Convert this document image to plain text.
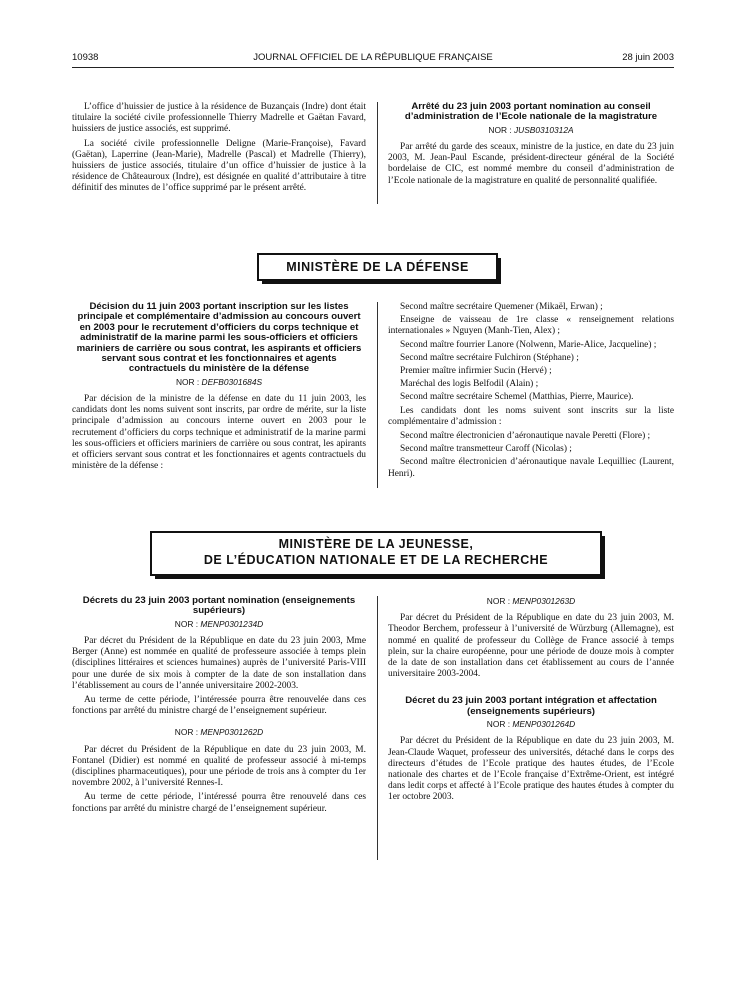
10938	JOURNAL OFFICIEL DE LA RÉPUBLIQUE FRANÇAISE	28 juin 2003

L’office d’huissier de justice à la résidence de Buzançais (Indre) dont était titulaire la société civile professionnelle Thierry Madrelle et Gaëtan Favard, huissiers de justice associés, est supprimé.

La société civile professionnelle Deligne (Marie-Françoise), Favard (Gaëtan), Laperrine (Jean-Marie), Madrelle (Pascal) et Madrelle (Thierry), huissiers de justice associés, titulaire d’un office d’huissier de justice à la résidence de Châteauroux (Indre), est désignée en qualité d’attributaire à titre définitif des minutes de l’office supprimé par le présent arrêté.

Arrêté du 23 juin 2003 portant nomination au conseil d’administration de l’Ecole nationale de la magistrature
NOR : JUSB0310312A

Par arrêté du garde des sceaux, ministre de la justice, en date du 23 juin 2003, M. Jean-Paul Escande, président-directeur général de la Société bordelaise de CIC, est nommé membre du conseil d’administration de l’Ecole nationale de la magistrature en qualité de personnalité qualifiée.

MINISTÈRE DE LA DÉFENSE
Décision du 11 juin 2003 portant inscription sur les listes principale et complémentaire d’admission au concours ouvert en 2003 pour le recrutement d’officiers du corps technique et administratif de la marine parmi les sous-officiers et officiers mariniers de carrière ou sous contrat, les aspirants et officiers servant sous contrat et les fonctionnaires et agents contractuels du ministère de la défense
NOR : DEFB0301684S

Par décision de la ministre de la défense en date du 11 juin 2003, les candidats dont les noms suivent sont inscrits, par ordre de mérite, sur la liste principale d’admission au concours interne ouvert en 2003 pour le recrutement d’officiers du corps technique et administratif de la marine parmi les sous-officiers et officiers mariniers de carrière ou sous contrat, les apirants et officiers servant sous contrat et les fonctionnaires et agents contractuels du ministère de la défense :

Second maître secrétaire Quemener (Mikaël, Erwan) ;

Enseigne de vaisseau de 1re classe « renseignement relations internationales » Nguyen (Manh-Tien, Alex) ;

Second maître fourrier Lanore (Nolwenn, Marie-Alice, Jacqueline) ;

Second maître secrétaire Fulchiron (Stéphane) ;

Premier maître infirmier Sucin (Hervé) ;

Maréchal des logis Belfodil (Alain) ;

Second maître secrétaire Schemel (Matthias, Pierre, Maurice).

Les candidats dont les noms suivent sont inscrits sur la liste complémentaire d’admission :

Second maître électronicien d’aéronautique navale Peretti (Flore) ;

Second maître transmetteur Caroff (Nicolas) ;

Second maître électronicien d’aéronautique navale Lequilliec (Laurent, Henri).

MINISTÈRE DE LA JEUNESSE,
DE L’ÉDUCATION NATIONALE ET DE LA RECHERCHE
Décrets du 23 juin 2003 portant nomination (enseignements supérieurs)
NOR : MENP0301234D

Par décret du Président de la République en date du 23 juin 2003, Mme Berger (Anne) est nommée en qualité de professeure associée à temps plein (disciplines littéraires et sciences humaines) auprès de l’université Paris-VIII pour une durée de six mois à compter de la date de son installation dans l’établissement au cours de l’année universitaire 2002-2003.

Au terme de cette période, l’intéressée pourra être renouvelée dans ces fonctions par arrêté du ministre chargé de l’enseignement supérieur.

NOR : MENP0301262D

Par décret du Président de la République en date du 23 juin 2003, M. Fontanel (Didier) est nommé en qualité de professeur associé à mi-temps (disciplines pharmaceutiques), pour une période de trois ans à compter du 1er novembre 2002, à l’université Rennes-I.

Au terme de cette période, l’intéressé pourra être renouvelé dans ces fonctions par arrêté du ministre chargé de l’enseignement supérieur.

NOR : MENP0301263D

Par décret du Président de la République en date du 23 juin 2003, M. Theodor Berchem, professeur à l’université de Würzburg (Allemagne), est nommé en qualité de professeur du Collège de France associé à temps plein, sur la chaire européenne, pour une période de douze mois à compter de la date de son installation dans cet établissement au cours de l’année universitaire 2003-2004.

Décret du 23 juin 2003 portant intégration et affectation (enseignements supérieurs)
NOR : MENP0301264D

Par décret du Président de la République en date du 23 juin 2003, M. Jean-Claude Waquet, professeur des universités, détaché dans le corps des directeurs d’études de l’Ecole pratique des hautes études, de l’Ecole nationale des chartes et de l’Ecole française d’Extrême-Orient, est intégré dans ledit corps et affecté à l’Ecole pratique des hautes études à compter du 1er octobre 2003.
